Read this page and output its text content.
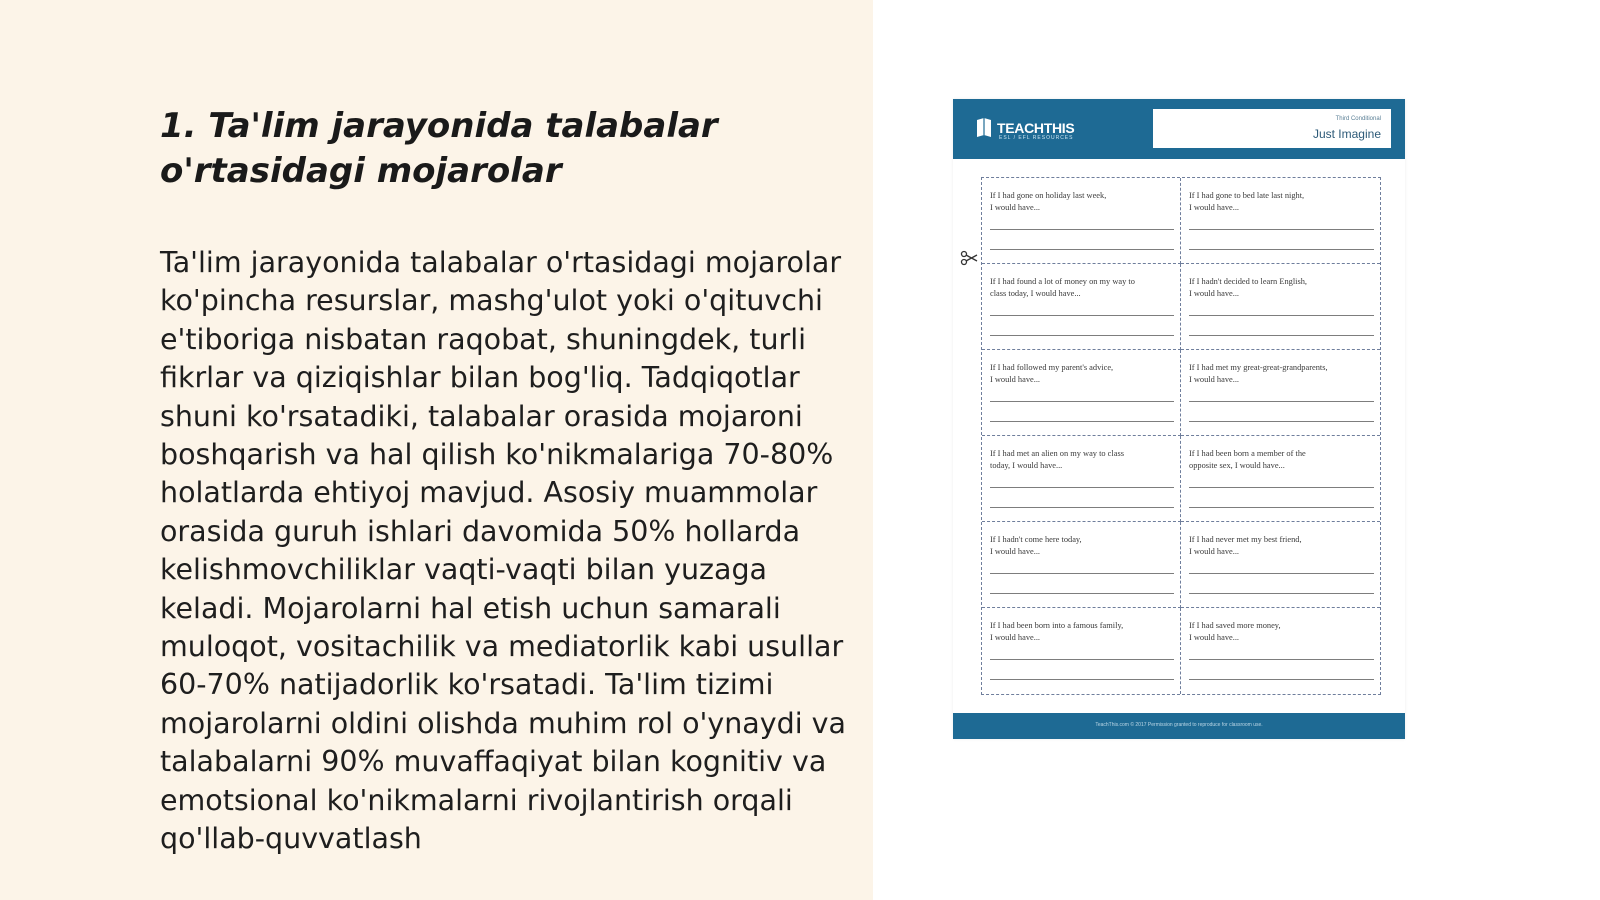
1. Ta'lim jarayonida talabalar o'rtasidagi mojarolar

Ta'lim jarayonida talabalar o'rtasidagi mojarolar ko'pincha resurslar, mashg'ulot yoki o'qituvchi e'tiboriga nisbatan raqobat, shuningdek, turli fikrlar va qiziqishlar bilan bog'liq. Tadqiqotlar shuni ko'rsatadiki, talabalar orasida mojaroni boshqarish va hal qilish ko'nikmalariga 70-80% holatlarda ehtiyoj mavjud. Asosiy muammolar orasida guruh ishlari davomida 50% hollarda kelishmovchiliklar vaqti-vaqti bilan yuzaga keladi. Mojarolarni hal etish uchun samarali muloqot, vositachilik va mediatorlik kabi usullar 60-70% natijadorlik ko'rsatadi. Ta'lim tizimi mojarolarni oldini olishda muhim rol o'ynaydi va talabalarni 90% muvaffaqiyat bilan kognitiv va emotsional ko'nikmalarni rivojlantirish orqali qo'llab-quvvatlash

TEACHTHIS
ESL / EFL RESOURCES
Third Conditional
Just Imagine
If I had gone on holiday last week,
I would have...
If I had gone to bed late last night,
I would have...
If I had found a lot of money on my way to
class today, I would have...
If I hadn't decided to learn English,
I would have...
If I had followed my parent's advice,
I would have...
If I had met my great-great-grandparents,
I would have...
If I had met an alien on my way to class
today, I would have...
If I had been born a member of the
opposite sex, I would have...
If I hadn't come here today,
I would have...
If I had never met my best friend,
I would have...
If I had been born into a famous family,
I would have...
If I had saved more money,
I would have...
TeachThis.com © 2017 Permission granted to reproduce for classroom use.
